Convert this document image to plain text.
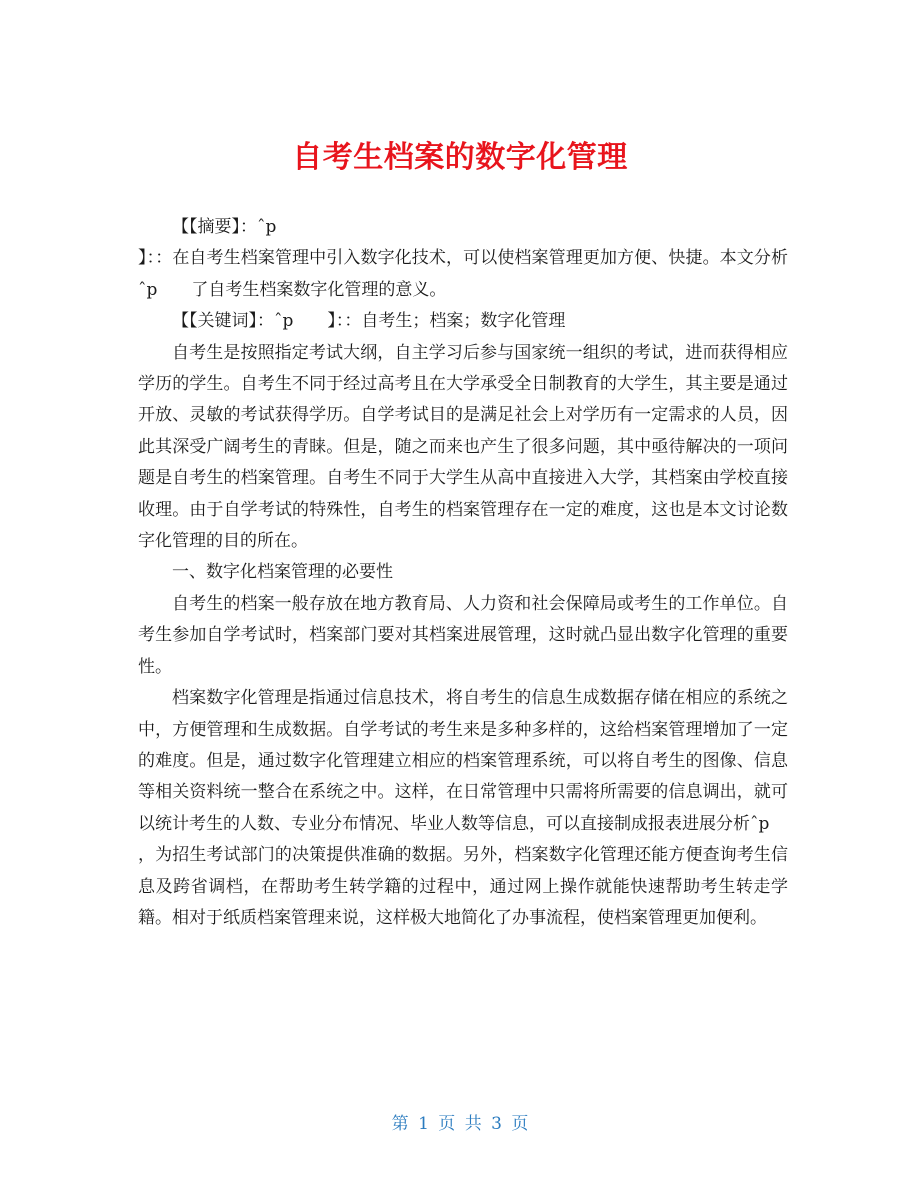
自考生档案的数字化管理

【【摘要】：ˆp

】：：在自考生档案管理中引入数字化技术，可以使档案管理更加方便、快捷。本文分析ˆp　　了自考生档案数字化管理的意义。

【【关键词】：ˆp　　】：：自考生；档案；数字化管理

自考生是按照指定考试大纲，自主学习后参与国家统一组织的考试，进而获得相应学历的学生。自考生不同于经过高考且在大学承受全日制教育的大学生，其主要是通过开放、灵敏的考试获得学历。自学考试目的是满足社会上对学历有一定需求的人员，因此其深受广阔考生的青睐。但是，随之而来也产生了很多问题，其中亟待解决的一项问题是自考生的档案管理。自考生不同于大学生从高中直接进入大学，其档案由学校直接收理。由于自学考试的特殊性，自考生的档案管理存在一定的难度，这也是本文讨论数字化管理的目的所在。

一、数字化档案管理的必要性

自考生的档案一般存放在地方教育局、人力资和社会保障局或考生的工作单位。自考生参加自学考试时，档案部门要对其档案进展管理，这时就凸显出数字化管理的重要性。

档案数字化管理是指通过信息技术，将自考生的信息生成数据存储在相应的系统之中，方便管理和生成数据。自学考试的考生来是多种多样的，这给档案管理增加了一定的难度。但是，通过数字化管理建立相应的档案管理系统，可以将自考生的图像、信息等相关资料统一整合在系统之中。这样，在日常管理中只需将所需要的信息调出，就可以统计考生的人数、专业分布情况、毕业人数等信息，可以直接制成报表进展分析ˆp

，为招生考试部门的决策提供准确的数据。另外，档案数字化管理还能方便查询考生信息及跨省调档，在帮助考生转学籍的过程中，通过网上操作就能快速帮助考生转走学籍。相对于纸质档案管理来说，这样极大地简化了办事流程，使档案管理更加便利。

第 1 页 共 3 页
